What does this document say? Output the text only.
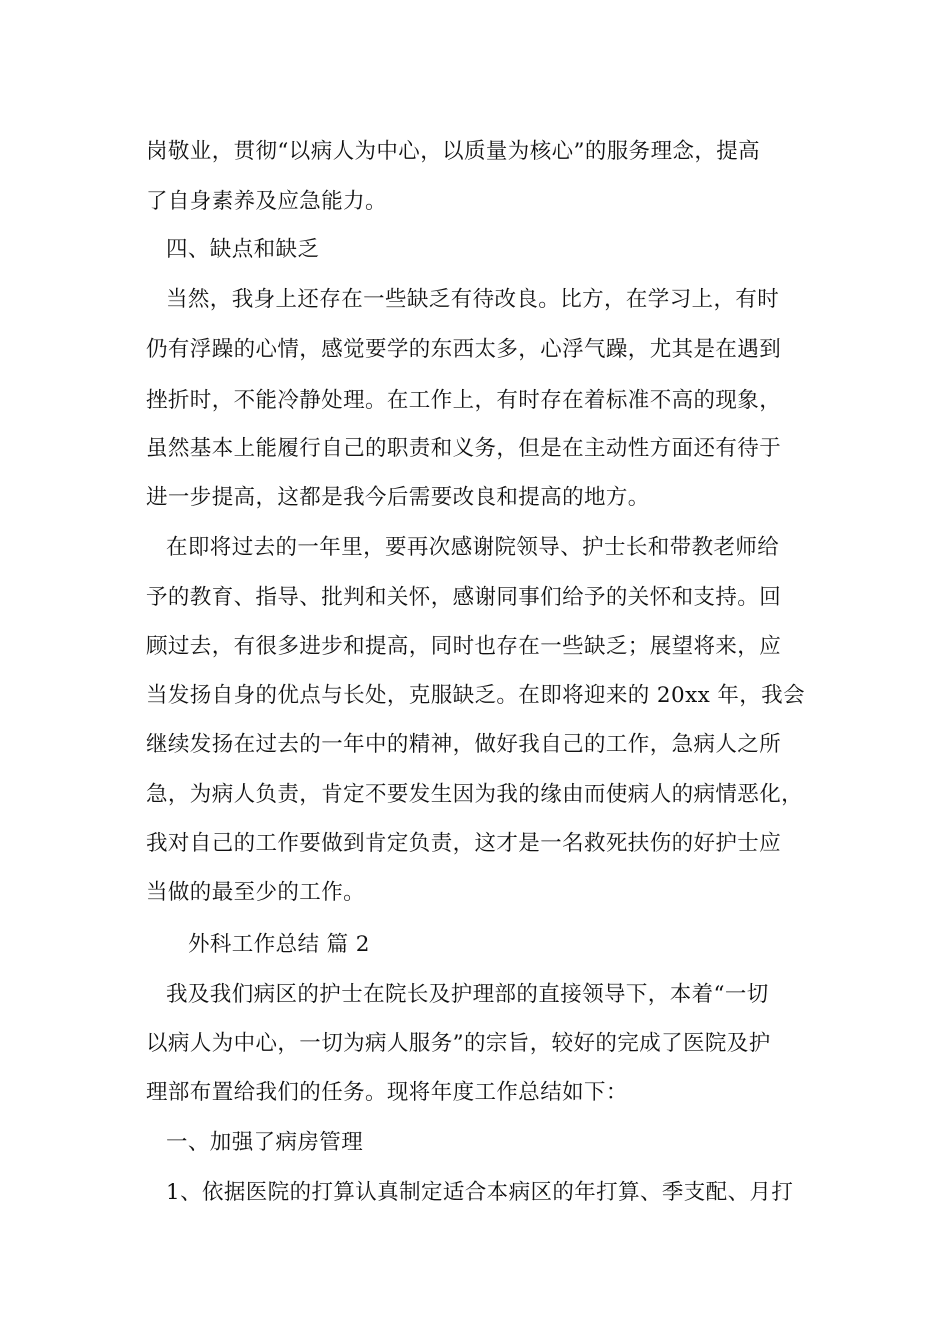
岗敬业，贯彻“以病人为中心，以质量为核心”的服务理念，提高
了自身素养及应急能力。
四、缺点和缺乏
当然，我身上还存在一些缺乏有待改良。比方，在学习上，有时
仍有浮躁的心情，感觉要学的东西太多，心浮气躁，尤其是在遇到
挫折时，不能冷静处理。在工作上，有时存在着标准不高的现象，
虽然基本上能履行自己的职责和义务，但是在主动性方面还有待于
进一步提高，这都是我今后需要改良和提高的地方。
在即将过去的一年里，要再次感谢院领导、护士长和带教老师给
予的教育、指导、批判和关怀，感谢同事们给予的关怀和支持。回
顾过去，有很多进步和提高，同时也存在一些缺乏；展望将来，应
当发扬自身的优点与长处，克服缺乏。在即将迎来的 20xx 年，我会
继续发扬在过去的一年中的精神，做好我自己的工作，急病人之所
急，为病人负责，肯定不要发生因为我的缘由而使病人的病情恶化，
我对自己的工作要做到肯定负责，这才是一名救死扶伤的好护士应
当做的最至少的工作。
外科工作总结 篇 2
我及我们病区的护士在院长及护理部的直接领导下，本着“一切
以病人为中心，一切为病人服务”的宗旨，较好的完成了医院及护
理部布置给我们的任务。现将年度工作总结如下：
一、加强了病房管理
1、依据医院的打算认真制定适合本病区的年打算、季支配、月打
